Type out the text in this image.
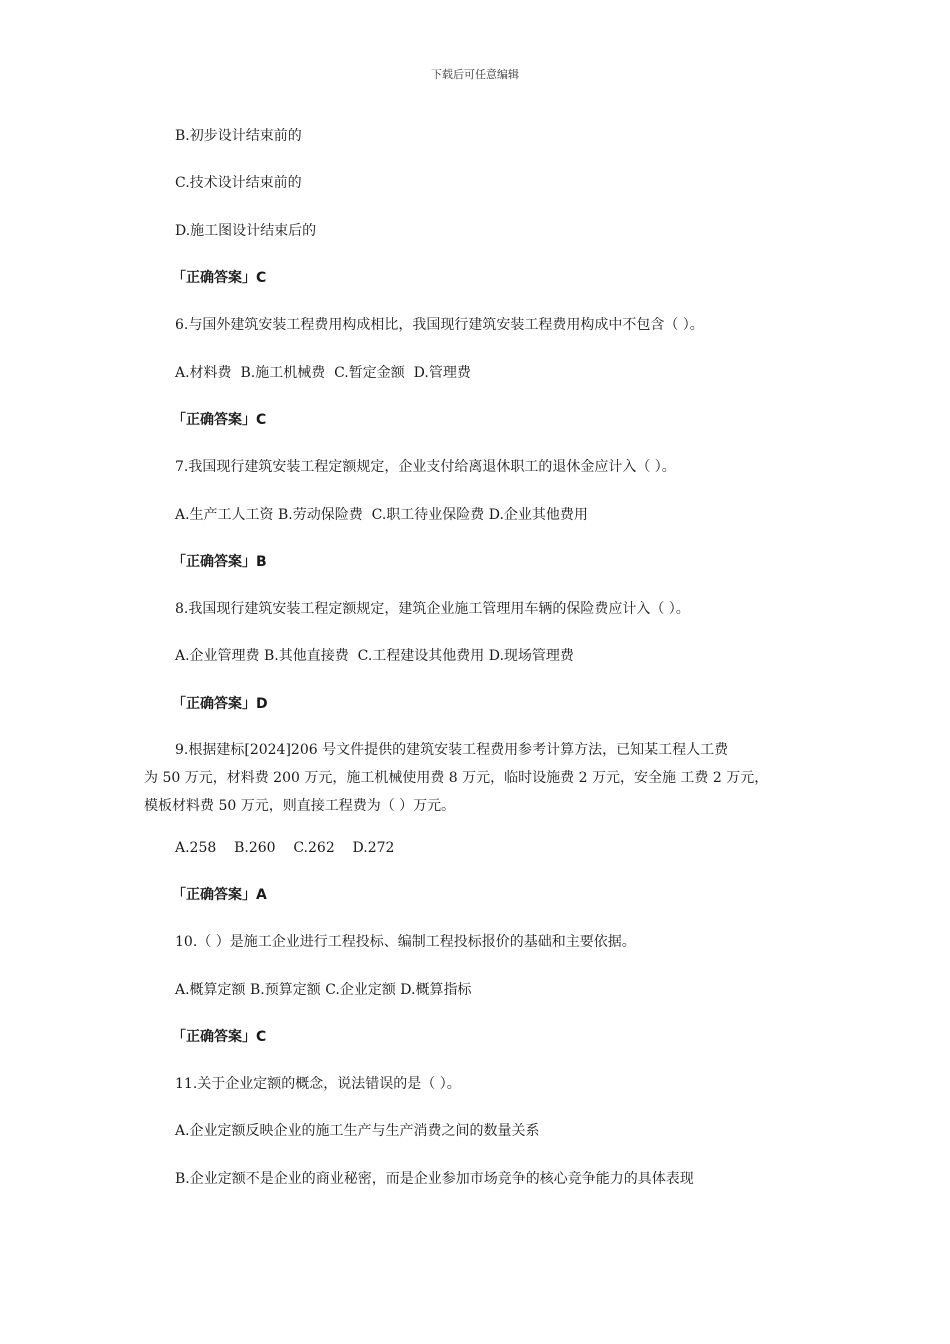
下载后可任意编辑
B.初步设计结束前的
C.技术设计结束前的
D.施工图设计结束后的
「正确答案」C
6.与国外建筑安装工程费用构成相比，我国现行建筑安装工程费用构成中不包含（ ）。
A.材料费  B.施工机械费  C.暂定金额  D.管理费
「正确答案」C
7.我国现行建筑安装工程定额规定，企业支付给离退休职工的退休金应计入（ ）。
A.生产工人工资 B.劳动保险费  C.职工待业保险费 D.企业其他费用
「正确答案」B
8.我国现行建筑安装工程定额规定，建筑企业施工管理用车辆的保险费应计入（ ）。
A.企业管理费 B.其他直接费  C.工程建设其他费用 D.现场管理费
「正确答案」D
9.根据建标[2024]206 号文件提供的建筑安装工程费用参考计算方法，已知某工程人工费
为 50 万元，材料费 200 万元，施工机械使用费 8 万元，临时设施费 2 万元，安全施 工费 2 万元，
模板材料费 50 万元，则直接工程费为（ ）万元。
A.258    B.260    C.262    D.272
「正确答案」A
10.（ ）是施工企业进行工程投标、编制工程投标报价的基础和主要依据。
A.概算定额 B.预算定额 C.企业定额 D.概算指标
「正确答案」C
11.关于企业定额的概念，说法错误的是（ ）。
A.企业定额反映企业的施工生产与生产消费之间的数量关系
B.企业定额不是企业的商业秘密，而是企业参加市场竞争的核心竞争能力的具体表现
